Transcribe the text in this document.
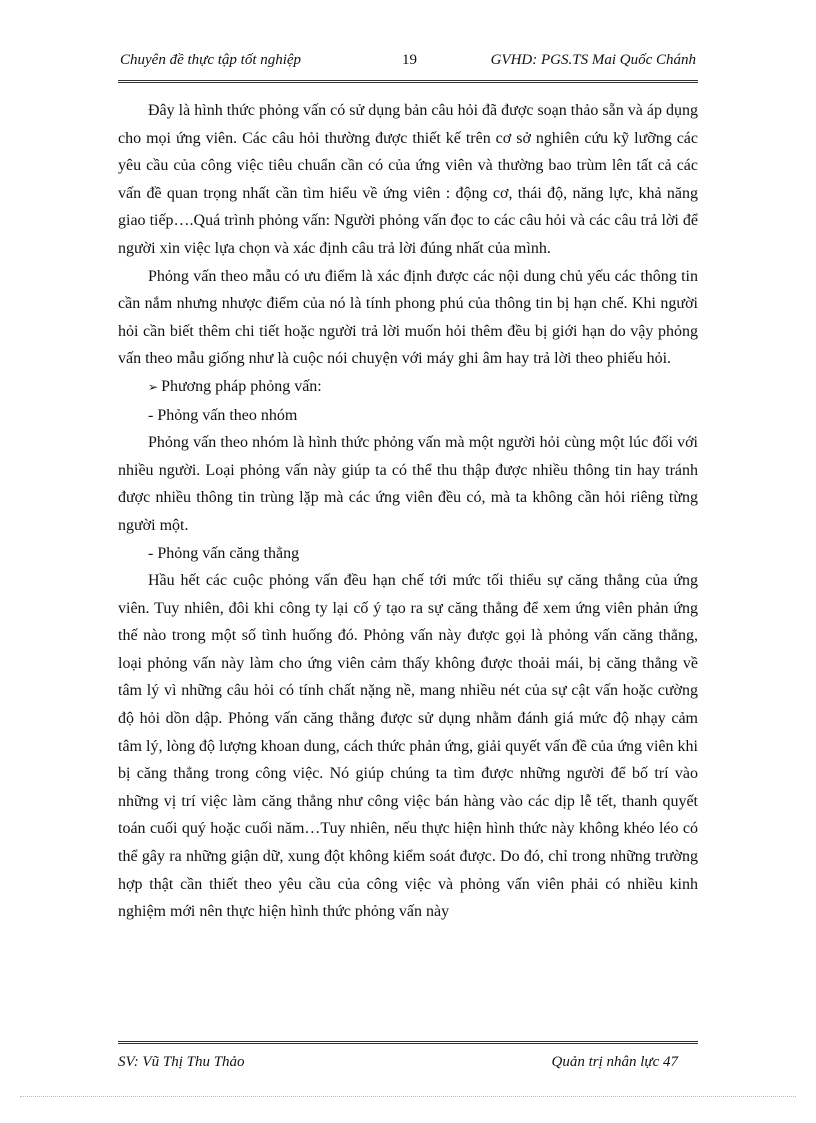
Chuyên đề thực tập tốt nghiệp	19	GVHD: PGS.TS Mai Quốc Chánh

Đây là hình thức phỏng vấn có sử dụng bản câu hỏi đã được soạn thảo sẵn và áp dụng cho mọi ứng viên. Các câu hỏi thường được thiết kế trên cơ sở nghiên cứu kỹ lưỡng các yêu cầu của công việc tiêu chuẩn cần có của ứng viên và thường bao trùm lên tất cả các vấn đề quan trọng nhất cần tìm hiểu về ứng viên : động cơ, thái độ, năng lực, khả năng giao tiếp….Quá trình phỏng vấn: Người phỏng vấn đọc to các câu hỏi và các câu trả lời để người xin việc lựa chọn và xác định câu trả lời đúng nhất của mình.

Phỏng vấn theo mẫu có ưu điểm là xác định được các nội dung chủ yếu các thông tin cần nắm nhưng nhược điểm của nó là tính phong phú của thông tin bị hạn chế. Khi người hỏi cần biết thêm chi tiết hoặc người trả lời muốn hỏi thêm đều bị giới hạn do vậy phỏng vấn theo mẫu giống như là cuộc nói chuyện với máy ghi âm hay trả lời theo phiếu hỏi.

➢ Phương pháp phỏng vấn:

- Phỏng vấn theo nhóm

Phỏng vấn theo nhóm là hình thức phỏng vấn mà một người hỏi cùng một lúc đối với nhiều người. Loại phỏng vấn này giúp ta có thể thu thập được nhiều thông tin hay tránh được nhiều thông tin trùng lặp mà các ứng viên đều có, mà ta không cần hỏi riêng từng người một.

- Phỏng vấn căng thẳng

Hầu hết các cuộc phỏng vấn đều hạn chế tới mức tối thiểu sự căng thẳng của ứng viên. Tuy nhiên, đôi khi công ty lại cố ý tạo ra sự căng thẳng để xem ứng viên phản ứng thế nào trong một số tình huống đó. Phỏng vấn này được gọi là phỏng vấn căng thẳng, loại phỏng vấn này làm cho ứng viên cảm thấy không được thoải mái, bị căng thẳng về tâm lý vì những câu hỏi có tính chất nặng nề, mang nhiều nét của sự cật vấn hoặc cường độ hỏi dồn dập. Phỏng vấn căng thẳng được sử dụng nhằm đánh giá mức độ nhạy cảm tâm lý, lòng độ lượng khoan dung, cách thức phản ứng, giải quyết vấn đề của ứng viên khi bị căng thẳng trong công việc. Nó giúp chúng ta tìm được những người để bố trí vào những vị trí việc làm căng thẳng như công việc bán hàng vào các dịp lễ tết, thanh quyết toán cuối quý hoặc cuối năm…Tuy nhiên, nếu thực hiện hình thức này không khéo léo có thể gây ra những giận dữ, xung đột không kiểm soát được. Do đó, chỉ trong những trường hợp thật cần thiết theo yêu cầu của công việc và phỏng vấn viên phải có nhiều kinh nghiệm mới nên thực hiện hình thức phỏng vấn này

SV: Vũ Thị Thu Thảo	Quản trị nhân lực 47
